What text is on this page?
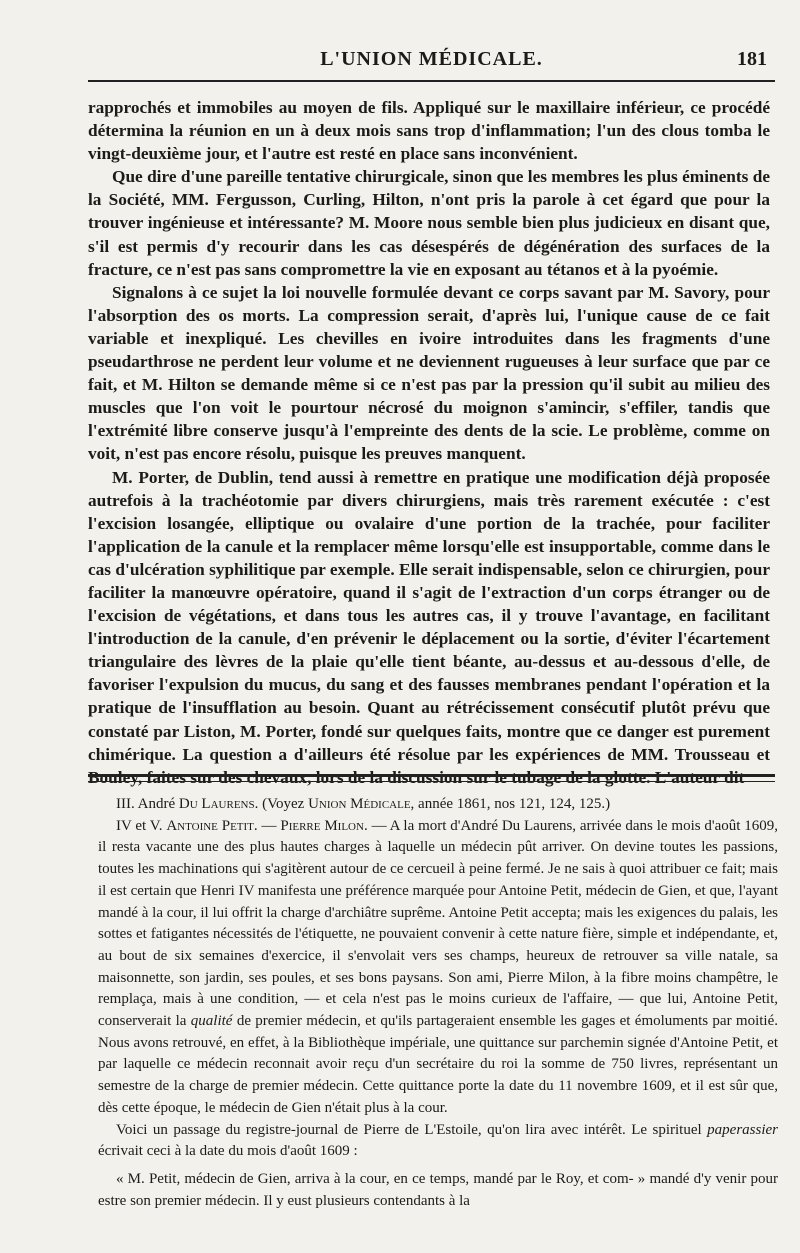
L'UNION MÉDICALE.	181

rapprochés et immobiles au moyen de fils. Appliqué sur le maxillaire inférieur, ce procédé détermina la réunion en un à deux mois sans trop d'inflammation; l'un des clous tomba le vingt-deuxième jour, et l'autre est resté en place sans inconvénient.

Que dire d'une pareille tentative chirurgicale, sinon que les membres les plus éminents de la Société, MM. Fergusson, Curling, Hilton, n'ont pris la parole à cet égard que pour la trouver ingénieuse et intéressante? M. Moore nous semble bien plus judicieux en disant que, s'il est permis d'y recourir dans les cas désespérés de dégénération des surfaces de la fracture, ce n'est pas sans compromettre la vie en exposant au tétanos et à la pyoémie.

Signalons à ce sujet la loi nouvelle formulée devant ce corps savant par M. Savory, pour l'absorption des os morts. La compression serait, d'après lui, l'unique cause de ce fait variable et inexpliqué. Les chevilles en ivoire introduites dans les fragments d'une pseudarthrose ne perdent leur volume et ne deviennent rugueuses à leur surface que par ce fait, et M. Hilton se demande même si ce n'est pas par la pression qu'il subit au milieu des muscles que l'on voit le pourtour nécrosé du moignon s'amincir, s'effiler, tandis que l'extrémité libre conserve jusqu'à l'empreinte des dents de la scie. Le problème, comme on voit, n'est pas encore résolu, puisque les preuves manquent.

M. Porter, de Dublin, tend aussi à remettre en pratique une modification déjà proposée autrefois à la trachéotomie par divers chirurgiens, mais très rarement exécutée : c'est l'excision losangée, elliptique ou ovalaire d'une portion de la trachée, pour faciliter l'application de la canule et la remplacer même lorsqu'elle est insupportable, comme dans le cas d'ulcération syphilitique par exemple. Elle serait indispensable, selon ce chirurgien, pour faciliter la manœuvre opératoire, quand il s'agit de l'extraction d'un corps étranger ou de l'excision de végétations, et dans tous les autres cas, il y trouve l'avantage, en facilitant l'introduction de la canule, d'en prévenir le déplacement ou la sortie, d'éviter l'écartement triangulaire des lèvres de la plaie qu'elle tient béante, au-dessus et au-dessous d'elle, de favoriser l'expulsion du mucus, du sang et des fausses membranes pendant l'opération et la pratique de l'insufflation au besoin. Quant au rétrécissement consécutif plutôt prévu que constaté par Liston, M. Porter, fondé sur quelques faits, montre que ce danger est purement chimérique. La question a d'ailleurs été résolue par les expériences de MM. Trousseau et Bouley, faites sur des chevaux, lors de la discussion sur le tubage de la glotte. L'auteur dit

III. André Du Laurens. (Voyez Union Médicale, année 1861, nos 121, 124, 125.)

IV et V. Antoine Petit. — Pierre Milon. — A la mort d'André Du Laurens, arrivée dans le mois d'août 1609, il resta vacante une des plus hautes charges à laquelle un médecin pût arriver. On devine toutes les passions, toutes les machinations qui s'agitèrent autour de ce cercueil à peine fermé. Je ne sais à quoi attribuer ce fait; mais il est certain que Henri IV manifesta une préférence marquée pour Antoine Petit, médecin de Gien, et que, l'ayant mandé à la cour, il lui offrit la charge d'archiâtre suprême. Antoine Petit accepta; mais les exigences du palais, les sottes et fatigantes nécessités de l'étiquette, ne pouvaient convenir à cette nature fière, simple et indépendante, et, au bout de six semaines d'exercice, il s'envolait vers ses champs, heureux de retrouver sa ville natale, sa maisonnette, son jardin, ses poules, et ses bons paysans. Son ami, Pierre Milon, à la fibre moins champêtre, le remplaça, mais à une condition, — et cela n'est pas le moins curieux de l'affaire, — que lui, Antoine Petit, conserverait la qualité de premier médecin, et qu'ils partageraient ensemble les gages et émoluments par moitié. Nous avons retrouvé, en effet, à la Bibliothèque impériale, une quittance sur parchemin signée d'Antoine Petit, et par laquelle ce médecin reconnait avoir reçu d'un secrétaire du roi la somme de 750 livres, représentant un semestre de la charge de premier médecin. Cette quittance porte la date du 11 novembre 1609, et il est sûr que, dès cette époque, le médecin de Gien n'était plus à la cour.

Voici un passage du registre-journal de Pierre de L'Estoile, qu'on lira avec intérêt. Le spirituel paperassier écrivait ceci à la date du mois d'août 1609 :

« M. Petit, médecin de Gien, arriva à la cour, en ce temps, mandé par le Roy, et com- » mandé d'y venir pour estre son premier médecin. Il y eust plusieurs contendants à la
